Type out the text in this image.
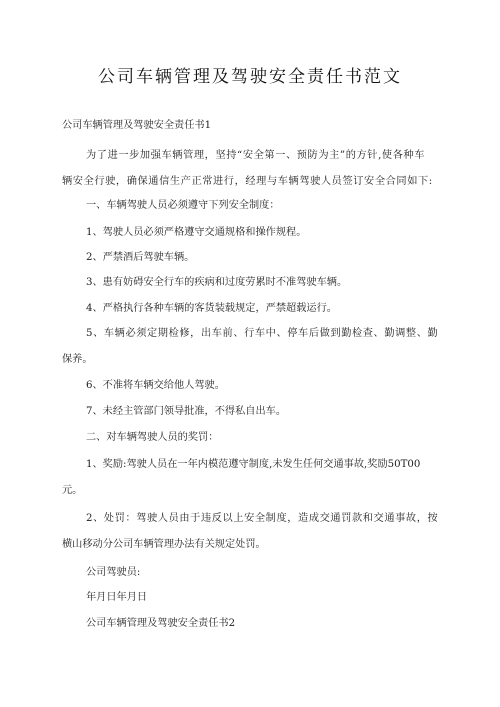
公司车辆管理及驾驶安全责任书范文
公司车辆管理及驾驶安全责任书1
为了进一步加强车辆管理，坚持“安全第一、预防为主”的方针,使各种车
辆安全行驶，确保通信生产正常进行，经理与车辆驾驶人员签订安全合同如下:
一、车辆驾驶人员必须遵守下列安全制度：
1、驾驶人员必须严格遵守交通规格和操作规程。
2、严禁酒后驾驶车辆。
3、患有妨碍安全行车的疾病和过度劳累时不准驾驶车辆。
4、严格执行各种车辆的客货装载规定，严禁超载运行。
5、车辆必须定期检修，出车前、行车中、停车后做到勤检查、勤调整、勤
保养。
6、不准将车辆交给他人驾驶。
7、未经主管部门领导批准，不得私自出车。
二、对车辆驾驶人员的奖罚：
1、奖励:驾驶人员在一年内模范遵守制度,未发生任何交通事故,奖励50T00
元。
2、处罚：驾驶人员由于违反以上安全制度，造成交通罚款和交通事故，按
横山移动分公司车辆管理办法有关规定处罚。
公司驾驶员:
年月日年月日
公司车辆管理及驾驶安全责任书2
